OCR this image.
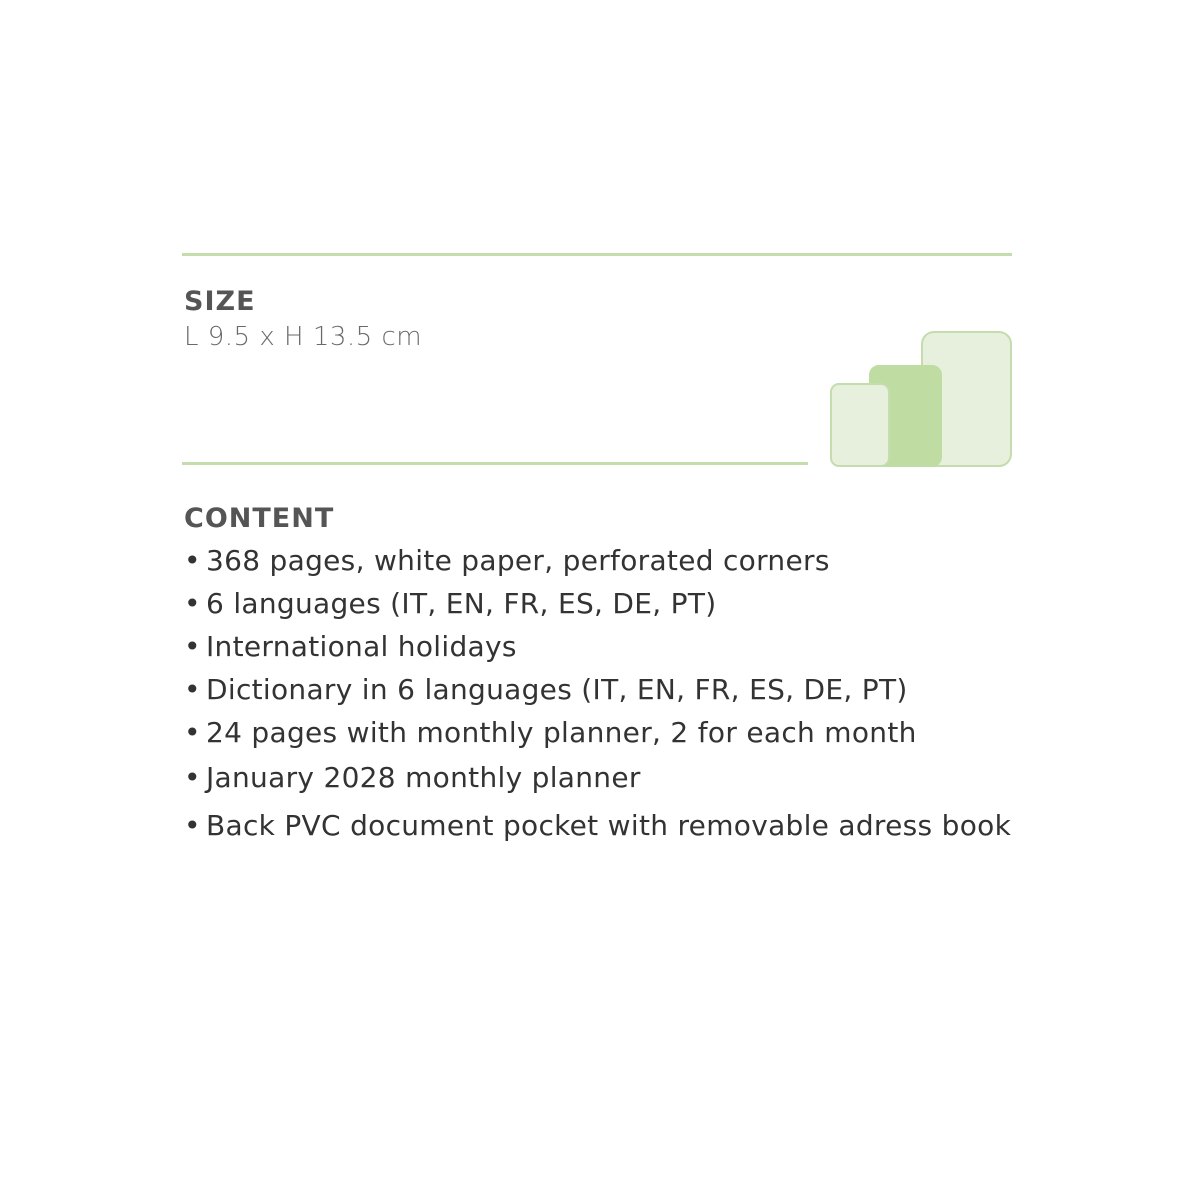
SIZE
L 9.5 x H 13.5 cm
CONTENT
• 368 pages, white paper, perforated corners
• 6 languages (IT, EN, FR, ES, DE, PT)
• International holidays
• Dictionary in 6 languages (IT, EN, FR, ES, DE, PT)
• 24 pages with monthly planner, 2 for each month
• January 2028 monthly planner
• Back PVC document pocket with removable adress book
